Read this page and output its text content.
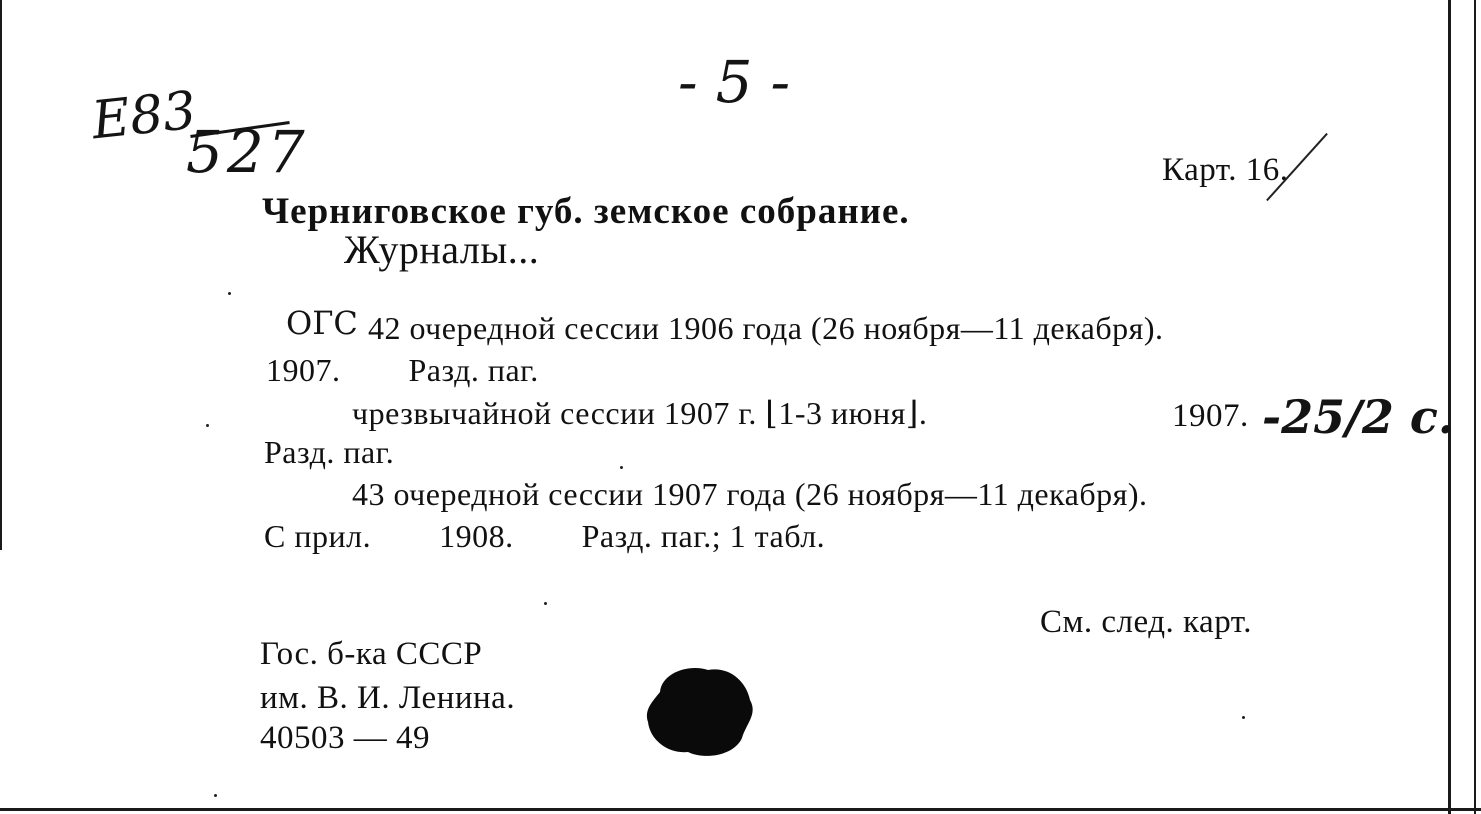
-5-
E83
527	Карт. 16.
Черниговское губ. земское собрание.
Журналы...
ОГС 42 очередной сессии 1906 года (26 ноября—11 декабря).
1907.        Разд. паг.
чрезвычайной сессии 1907 г. ⌊1-3 июня⌋.	1907. -25/2 с.
Разд. паг.
43 очередной сессии 1907 года (26 ноября—11 декабря).
С прил.        1908.        Разд. паг.; 1 табл.
См. след. карт.
Гос. б-ка СССР
им. В. И. Ленина.
40503 — 49
